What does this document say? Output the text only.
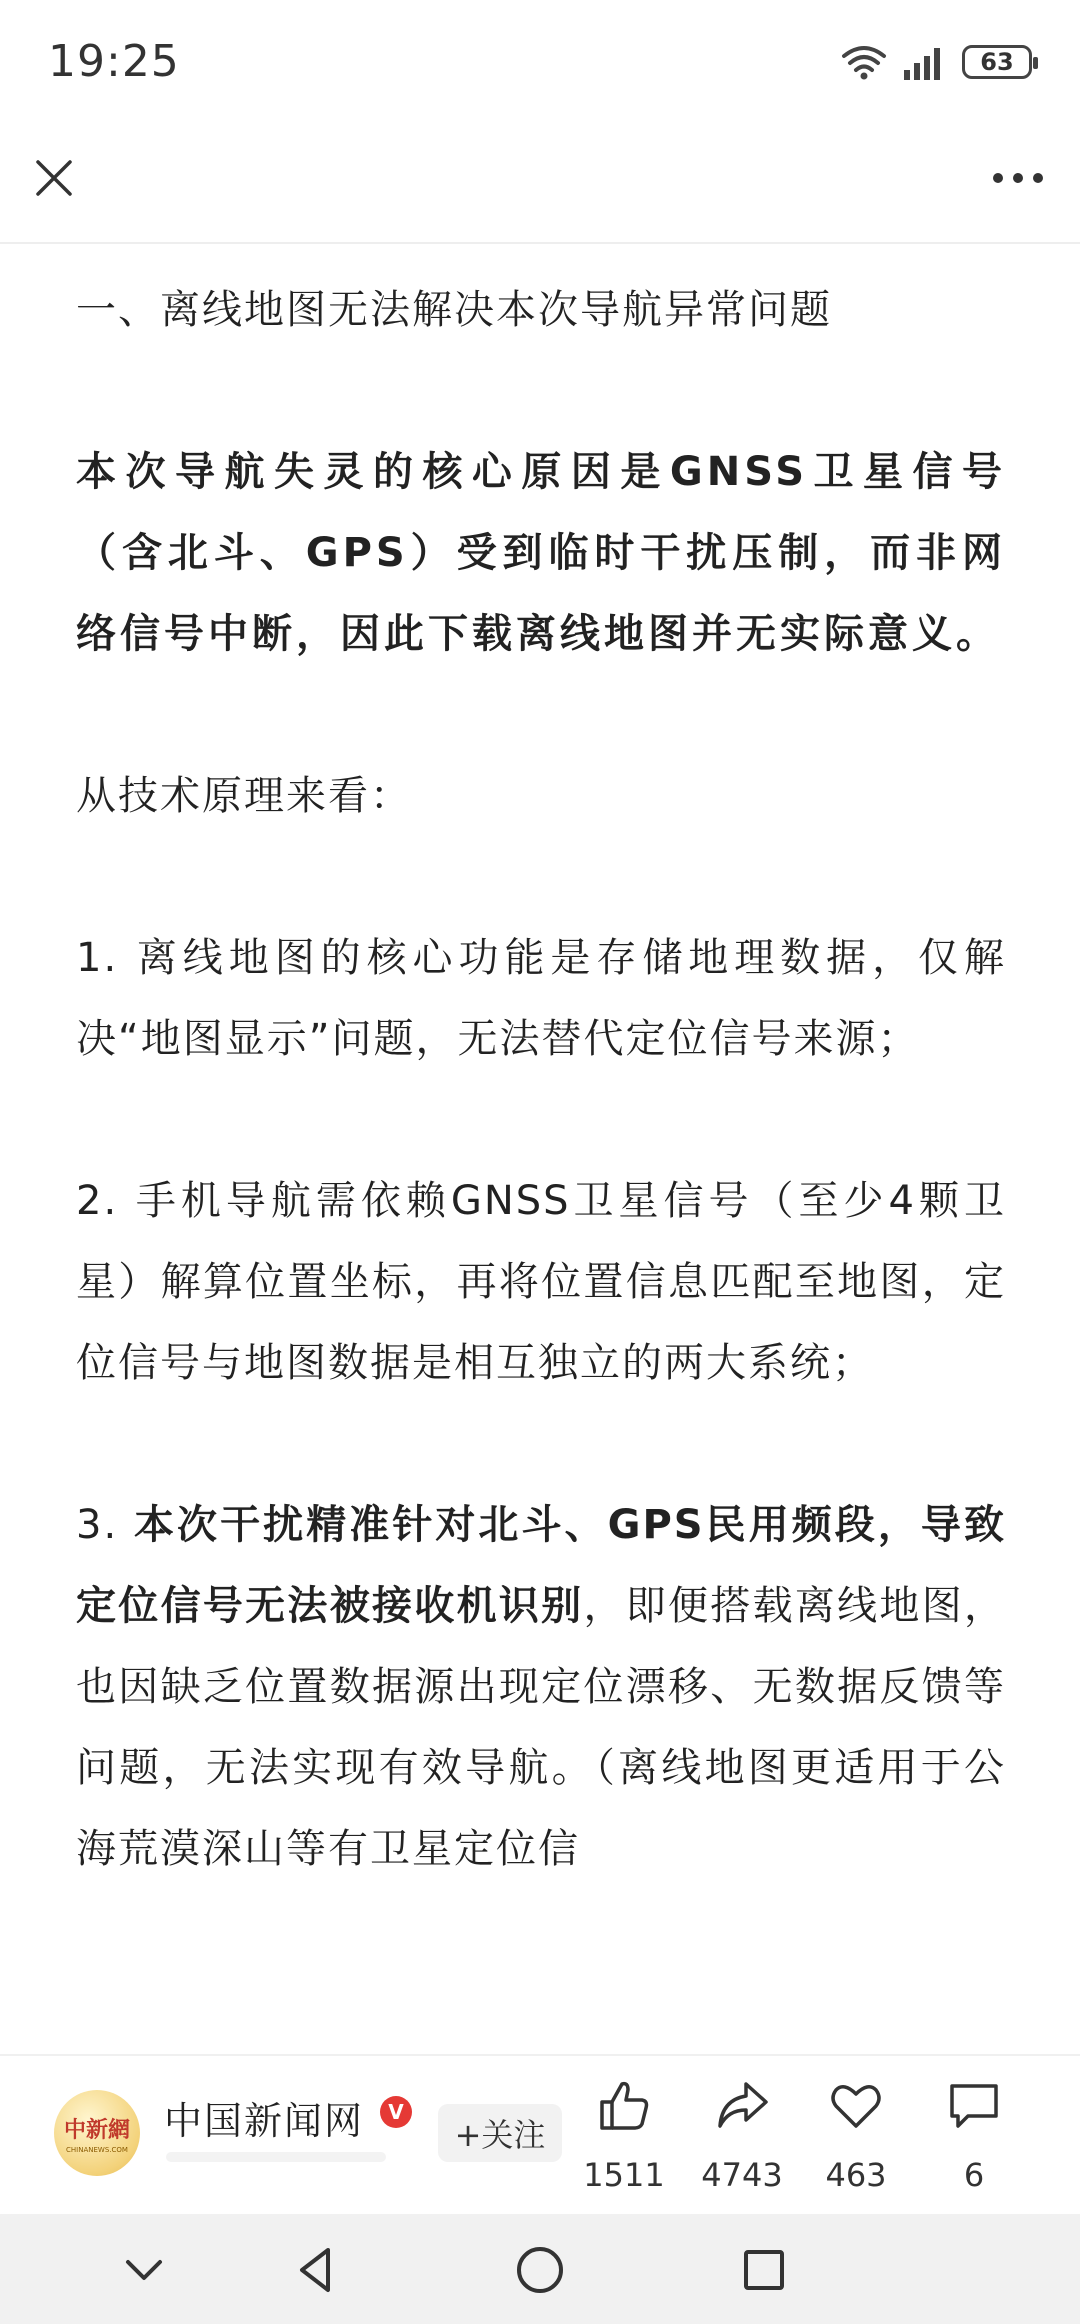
19:25	63

一、离线地图无法解决本次导航异常问题

本次导航失灵的核心原因是GNSS卫星信号（含北斗、GPS）受到临时干扰压制，而非网络信号中断，因此下载离线地图并无实际意义。

从技术原理来看：

1. 离线地图的核心功能是存储地理数据，仅解决“地图显示”问题，无法替代定位信号来源；

2. 手机导航需依赖GNSS卫星信号（至少4颗卫星）解算位置坐标，再将位置信息匹配至地图，定位信号与地图数据是相互独立的两大系统；

3. 本次干扰精准针对北斗、GPS民用频段，导致定位信号无法被接收机识别，即便搭载离线地图，也因缺乏位置数据源出现定位漂移、无数据反馈等问题，无法实现有效导航。（离线地图更适用于公海荒漠深山等有卫星定位信

中新網
CHINANEWS.COM
中国新闻网	V
+关注
1511	4743	463	6
